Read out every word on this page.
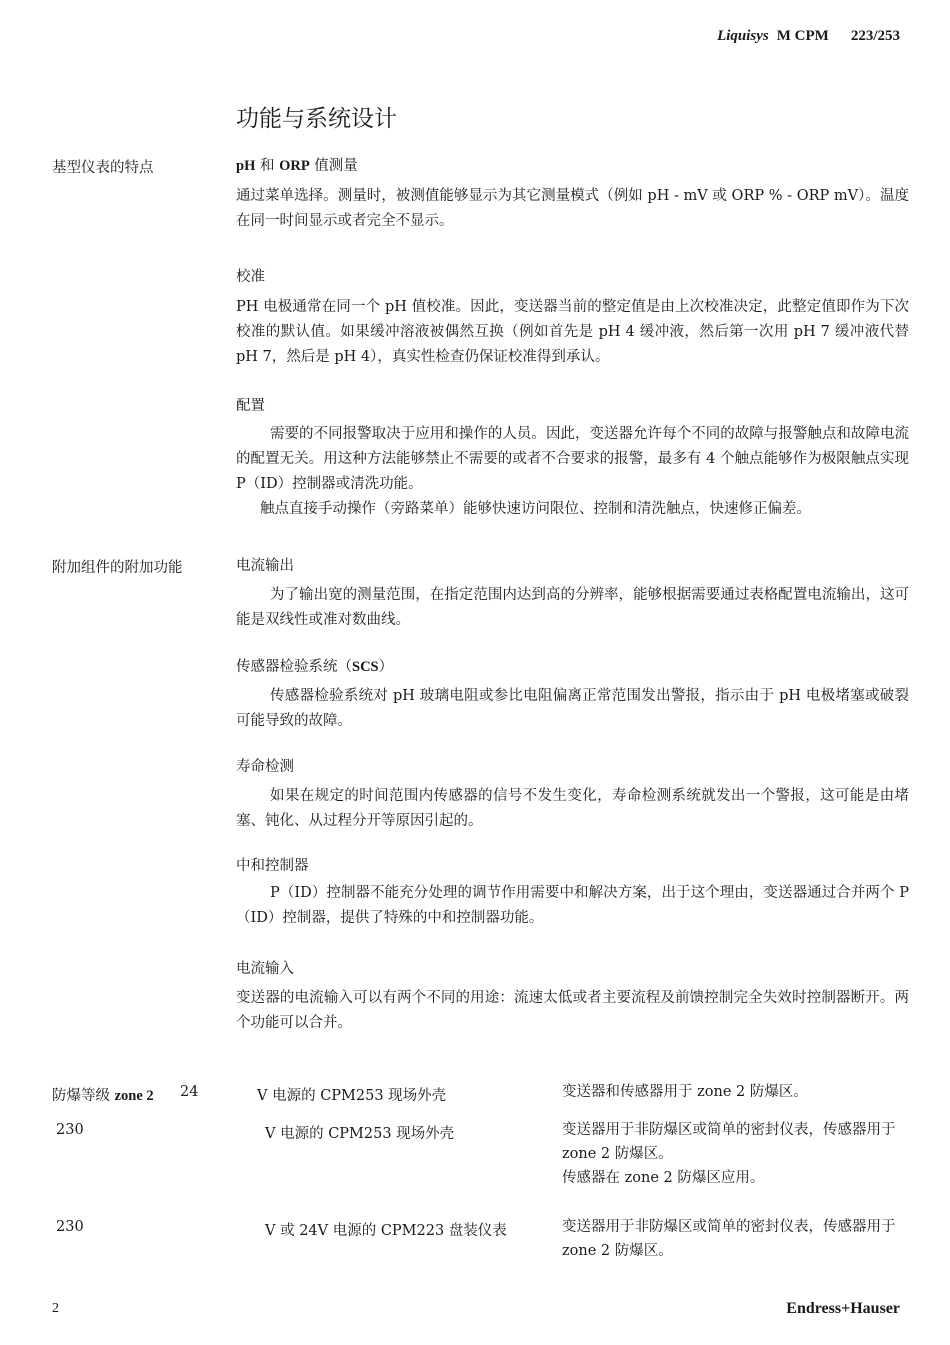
Liquisys M CPM 223/253
功能与系统设计
基型仪表的特点	pH 和 ORP 值测量
通过菜单选择。测量时，被测值能够显示为其它测量模式（例如 pH - mV 或 ORP % - ORP mV）。温度在同一时间显示或者完全不显示。
校准
PH 电极通常在同一个 pH 值校准。因此，变送器当前的整定值是由上次校准决定，此整定值即作为下次校准的默认值。如果缓冲溶液被偶然互换（例如首先是 pH 4 缓冲液，然后第一次用 pH 7 缓冲液代替 pH 7，然后是 pH 4），真实性检查仍保证校准得到承认。
配置
需要的不同报警取决于应用和操作的人员。因此，变送器允许每个不同的故障与报警触点和故障电流的配置无关。用这种方法能够禁止不需要的或者不合要求的报警，最多有 4 个触点能够作为极限触点实现 P（ID）控制器或清洗功能。
触点直接手动操作（旁路菜单）能够快速访问限位、控制和清洗触点，快速修正偏差。
附加组件的附加功能	电流输出
为了输出宽的测量范围，在指定范围内达到高的分辨率，能够根据需要通过表格配置电流输出，这可能是双线性或准对数曲线。
传感器检验系统（SCS）
传感器检验系统对 pH 玻璃电阻或参比电阻偏离正常范围发出警报，指示由于 pH 电极堵塞或破裂可能导致的故障。
寿命检测
如果在规定的时间范围内传感器的信号不发生变化，寿命检测系统就发出一个警报，这可能是由堵塞、钝化、从过程分开等原因引起的。
中和控制器
P（ID）控制器不能充分处理的调节作用需要中和解决方案，出于这个理由，变送器通过合并两个 P（ID）控制器，提供了特殊的中和控制器功能。
电流输入
变送器的电流输入可以有两个不同的用途：流速太低或者主要流程及前馈控制完全失效时控制器断开。两个功能可以合并。
防爆等级 zone 2 24	V 电源的 CPM253 现场外壳	变送器和传感器用于 zone 2 防爆区。
230	V 电源的 CPM253 现场外壳	变送器用于非防爆区或简单的密封仪表，传感器用于 zone 2 防爆区。
传感器在 zone 2 防爆区应用。
230	V 或 24V 电源的 CPM223 盘装仪表	变送器用于非防爆区或简单的密封仪表，传感器用于 zone 2 防爆区。
2	Endress+Hauser
